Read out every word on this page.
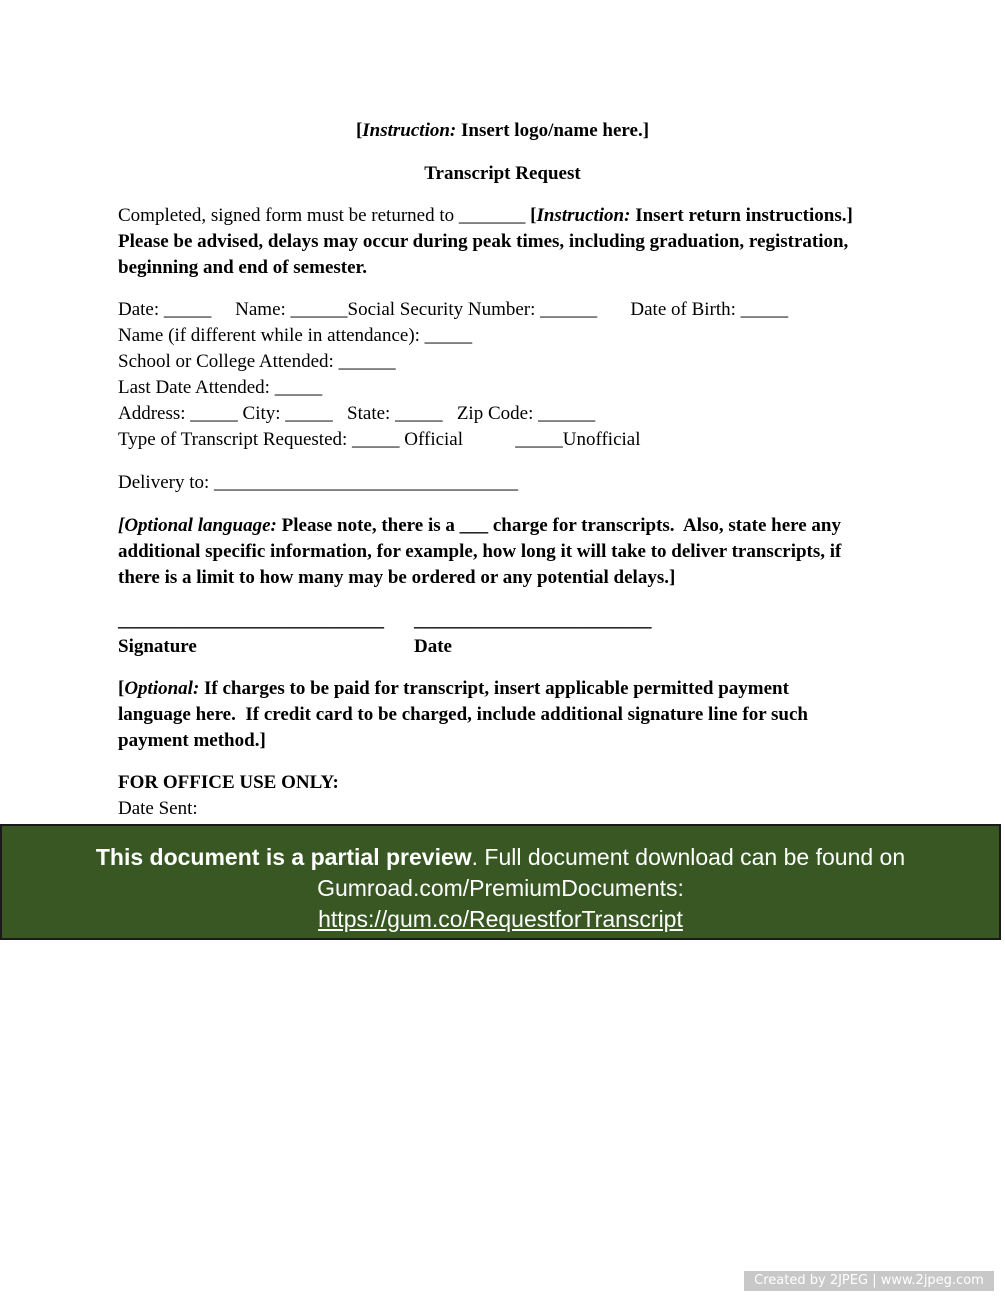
[Instruction: Insert logo/name here.]
Transcript Request
Completed, signed form must be returned to _______ [Instruction: Insert return instructions.]
Please be advised, delays may occur during peak times, including graduation, registration,
beginning and end of semester.
Date: _____     Name: ______Social Security Number: ______       Date of Birth: _____
Name (if different while in attendance): _____
School or College Attended: ______
Last Date Attended: _____
Address: _____ City: _____   State: _____   Zip Code: ______
Type of Transcript Requested: _____ Official           _____Unofficial
Delivery to: ________________________________
[Optional language: Please note, there is a ___ charge for transcripts.  Also, state here any
additional specific information, for example, how long it will take to deliver transcripts, if
there is a limit to how many may be ordered or any potential delays.]
____________________________ _________________________
Signature	Date
[Optional: If charges to be paid for transcript, insert applicable permitted payment
language here.  If credit card to be charged, include additional signature line for such
payment method.]
FOR OFFICE USE ONLY:
Date Sent:
This document is a partial preview. Full document download can be found on
Gumroad.com/PremiumDocuments:
https://gum.co/RequestforTranscript
Created by 2JPEG | www.2jpeg.com
